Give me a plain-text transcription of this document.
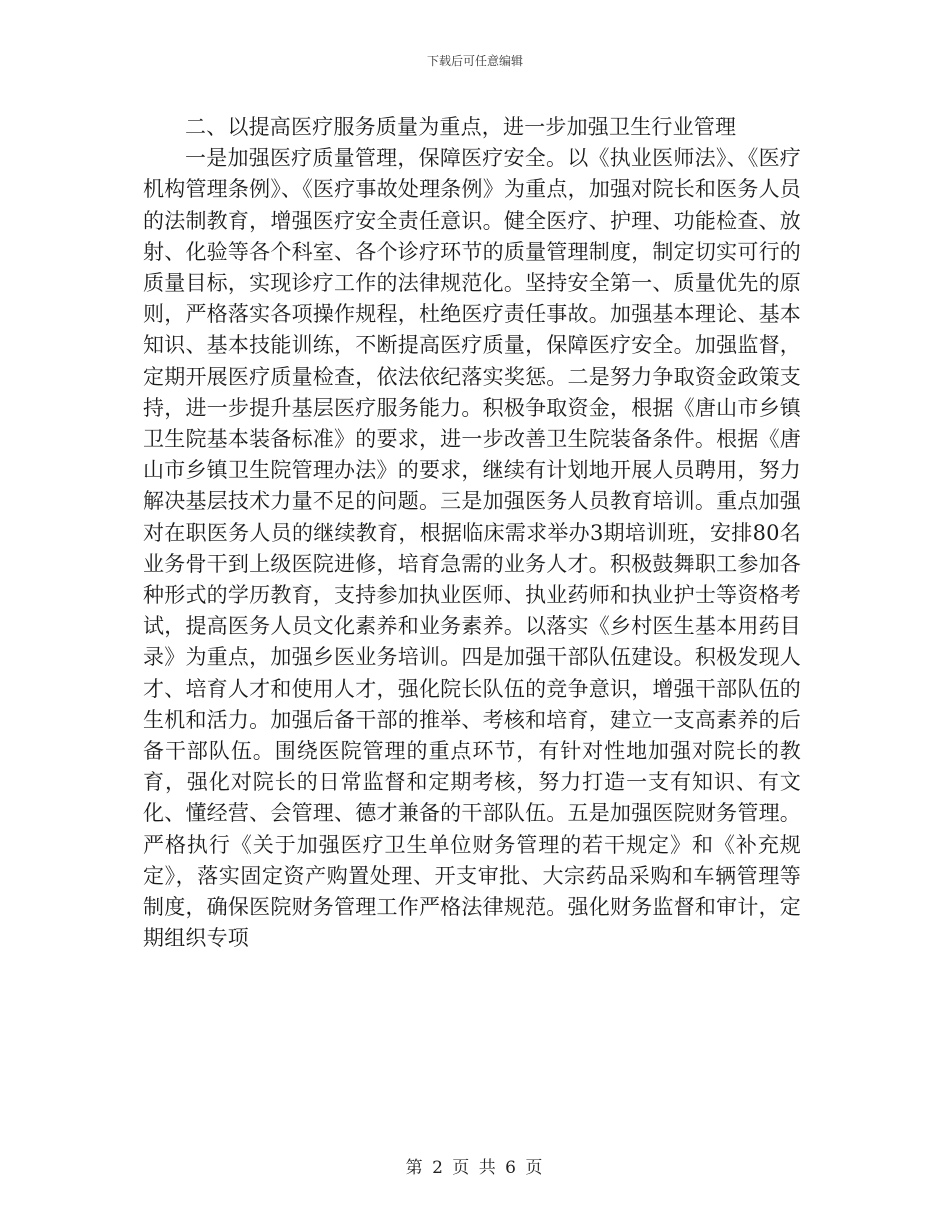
下载后可任意编辑

二、以提高医疗服务质量为重点，进一步加强卫生行业管理

一是加强医疗质量管理，保障医疗安全。以《执业医师法》、《医疗机构管理条例》、《医疗事故处理条例》为重点，加强对院长和医务人员的法制教育，增强医疗安全责任意识。健全医疗、护理、功能检查、放射、化验等各个科室、各个诊疗环节的质量管理制度，制定切实可行的质量目标，实现诊疗工作的法律规范化。坚持安全第一、质量优先的原则，严格落实各项操作规程，杜绝医疗责任事故。加强基本理论、基本知识、基本技能训练，不断提高医疗质量，保障医疗安全。加强监督，定期开展医疗质量检查，依法依纪落实奖惩。二是努力争取资金政策支持，进一步提升基层医疗服务能力。积极争取资金，根据《唐山市乡镇卫生院基本装备标准》的要求，进一步改善卫生院装备条件。根据《唐山市乡镇卫生院管理办法》的要求，继续有计划地开展人员聘用，努力解决基层技术力量不足的问题。三是加强医务人员教育培训。重点加强对在职医务人员的继续教育，根据临床需求举办3期培训班，安排80名业务骨干到上级医院进修，培育急需的业务人才。积极鼓舞职工参加各种形式的学历教育，支持参加执业医师、执业药师和执业护士等资格考试，提高医务人员文化素养和业务素养。以落实《乡村医生基本用药目录》为重点，加强乡医业务培训。四是加强干部队伍建设。积极发现人才、培育人才和使用人才，强化院长队伍的竞争意识，增强干部队伍的生机和活力。加强后备干部的推举、考核和培育，建立一支高素养的后备干部队伍。围绕医院管理的重点环节，有针对性地加强对院长的教育，强化对院长的日常监督和定期考核，努力打造一支有知识、有文化、懂经营、会管理、德才兼备的干部队伍。五是加强医院财务管理。严格执行《关于加强医疗卫生单位财务管理的若干规定》和《补充规定》，落实固定资产购置处理、开支审批、大宗药品采购和车辆管理等制度，确保医院财务管理工作严格法律规范。强化财务监督和审计，定期组织专项

第 2 页 共 6 页
